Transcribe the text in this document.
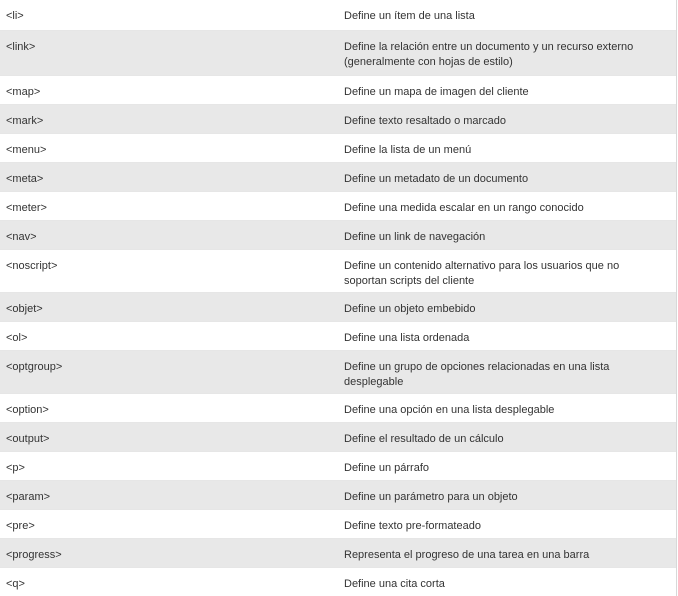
<li>	Define un ítem de una lista
<link>	Define la relación entre un documento y un recurso externo (generalmente con hojas de estilo)
<map>	Define un mapa de imagen del cliente
<mark>	Define texto resaltado o marcado
<menu>	Define la lista de un menú
<meta>	Define un metadato de un documento
<meter>	Define una medida escalar en un rango conocido
<nav>	Define un link de navegación
<noscript>	Define un contenido alternativo para los usuarios que no soportan scripts del cliente
<objet>	Define un objeto embebido
<ol>	Define una lista ordenada
<optgroup>	Define un grupo de opciones relacionadas en una lista desplegable
<option>	Define una opción en una lista desplegable
<output>	Define el resultado de un cálculo
<p>	Define un párrafo
<param>	Define un parámetro para un objeto
<pre>	Define texto pre-formateado
<progress>	Representa el progreso de una tarea en una barra
<q>	Define una cita corta
